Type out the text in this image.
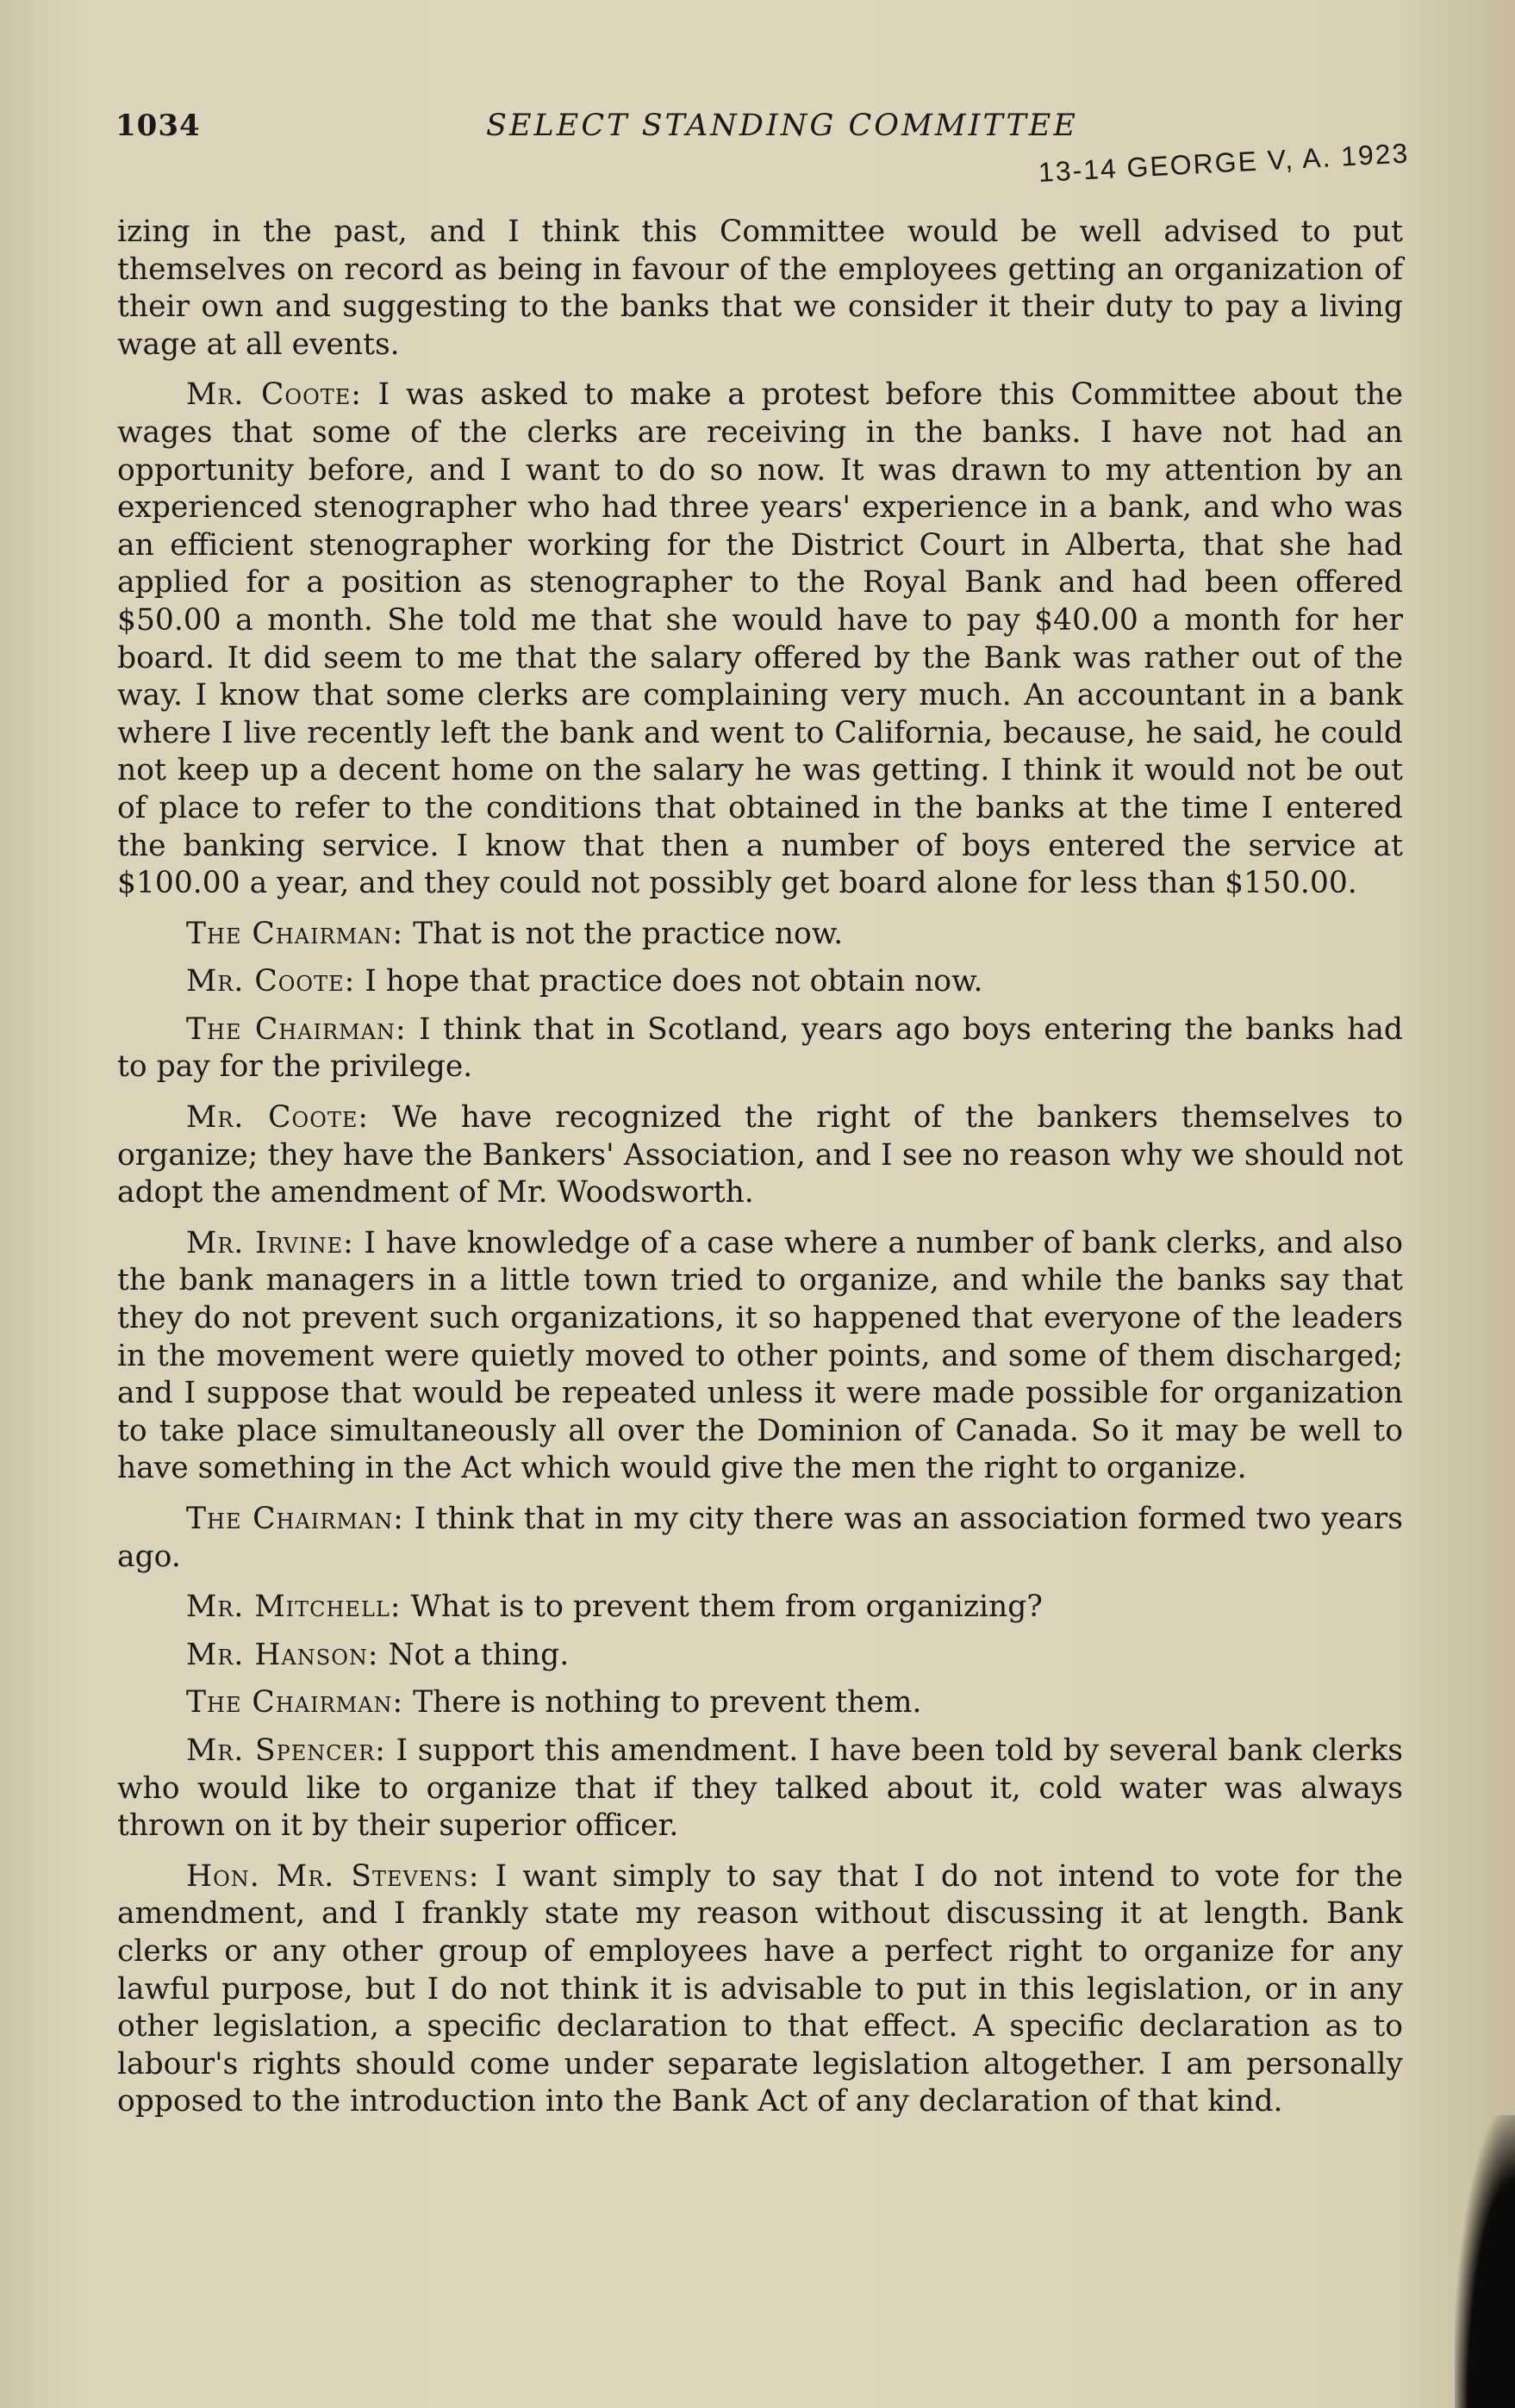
1034	SELECT STANDING COMMITTEE
13-14 GEORGE V, A. 1923

izing in the past, and I think this Committee would be well advised to put themselves on record as being in favour of the employees getting an organization of their own and suggesting to the banks that we consider it their duty to pay a living wage at all events.

Mr. Coote: I was asked to make a protest before this Committee about the wages that some of the clerks are receiving in the banks. I have not had an opportunity before, and I want to do so now. It was drawn to my attention by an experienced stenographer who had three years' experience in a bank, and who was an efficient stenographer working for the District Court in Alberta, that she had applied for a position as stenographer to the Royal Bank and had been offered $50.00 a month. She told me that she would have to pay $40.00 a month for her board. It did seem to me that the salary offered by the Bank was rather out of the way. I know that some clerks are complaining very much. An accountant in a bank where I live recently left the bank and went to California, because, he said, he could not keep up a decent home on the salary he was getting. I think it would not be out of place to refer to the conditions that obtained in the banks at the time I entered the banking service. I know that then a number of boys entered the service at $100.00 a year, and they could not possibly get board alone for less than $150.00.

The Chairman: That is not the practice now.

Mr. Coote: I hope that practice does not obtain now.

The Chairman: I think that in Scotland, years ago boys entering the banks had to pay for the privilege.

Mr. Coote: We have recognized the right of the bankers themselves to organize; they have the Bankers' Association, and I see no reason why we should not adopt the amendment of Mr. Woodsworth.

Mr. Irvine: I have knowledge of a case where a number of bank clerks, and also the bank managers in a little town tried to organize, and while the banks say that they do not prevent such organizations, it so happened that everyone of the leaders in the movement were quietly moved to other points, and some of them discharged; and I suppose that would be repeated unless it were made possible for organization to take place simultaneously all over the Dominion of Canada. So it may be well to have something in the Act which would give the men the right to organize.

The Chairman: I think that in my city there was an association formed two years ago.

Mr. Mitchell: What is to prevent them from organizing?

Mr. Hanson: Not a thing.

The Chairman: There is nothing to prevent them.

Mr. Spencer: I support this amendment. I have been told by several bank clerks who would like to organize that if they talked about it, cold water was always thrown on it by their superior officer.

Hon. Mr. Stevens: I want simply to say that I do not intend to vote for the amendment, and I frankly state my reason without discussing it at length. Bank clerks or any other group of employees have a perfect right to organize for any lawful purpose, but I do not think it is advisable to put in this legislation, or in any other legislation, a specific declaration to that effect. A specific declaration as to labour's rights should come under separate legislation altogether. I am personally opposed to the introduction into the Bank Act of any declaration of that kind.
